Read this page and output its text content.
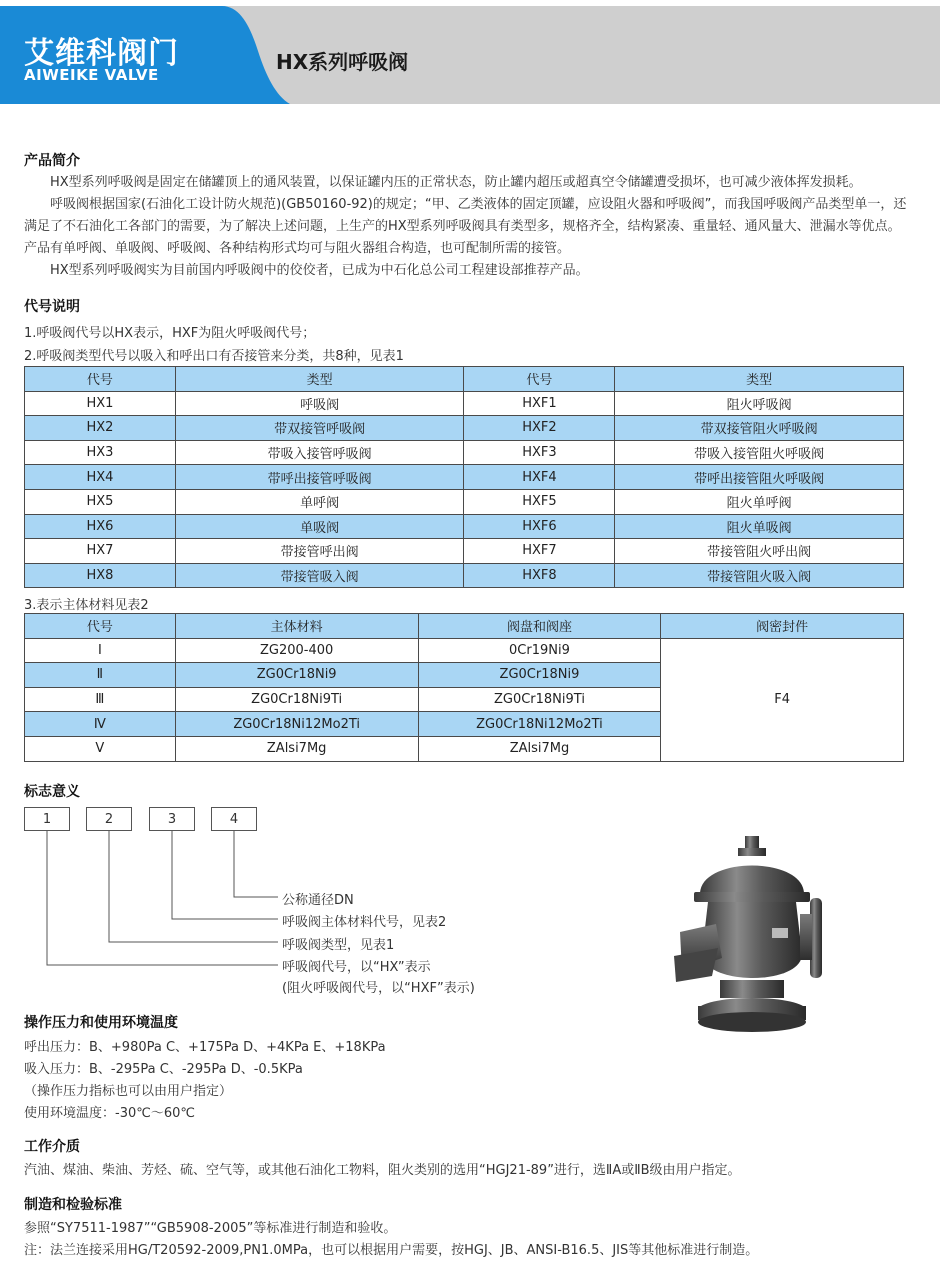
艾维科阀门
AIWEIKE VALVE
HX系列呼吸阀
产品简介
HX型系列呼吸阀是固定在储罐顶上的通风装置，以保证罐内压的正常状态，防止罐内超压或超真空令储罐遭受损坏，也可减少液体挥发损耗。
呼吸阀根据国家(石油化工设计防火规范)(GB50160-92)的规定；“甲、乙类液体的固定顶罐，应设阻火器和呼吸阀”，而我国呼吸阀产品类型单一，还满足了不石油化工各部门的需要，为了解决上述问题，上生产的HX型系列呼吸阀具有类型多，规格齐全，结构紧凑、重量轻、通风量大、泄漏水等优点。产品有单呼阀、单吸阀、呼吸阀、各种结构形式均可与阻火器组合构造，也可配制所需的接管。
HX型系列呼吸阀实为目前国内呼吸阀中的佼佼者，已成为中石化总公司工程建设部推荐产品。
代号说明
1.呼吸阀代号以HX表示，HXF为阻火呼吸阀代号；
2.呼吸阀类型代号以吸入和呼出口有否接管来分类，共8种，见表1
代号	类型	代号	类型
HX1	呼吸阀	HXF1	阻火呼吸阀
HX2	带双接管呼吸阀	HXF2	带双接管阻火呼吸阀
HX3	带吸入接管呼吸阀	HXF3	带吸入接管阻火呼吸阀
HX4	带呼出接管呼吸阀	HXF4	带呼出接管阻火呼吸阀
HX5	单呼阀	HXF5	阻火单呼阀
HX6	单吸阀	HXF6	阻火单吸阀
HX7	带接管呼出阀	HXF7	带接管阻火呼出阀
HX8	带接管吸入阀	HXF8	带接管阻火吸入阀
3.表示主体材料见表2
代号	主体材料	阀盘和阀座	阀密封件
Ⅰ	ZG200-400	0Cr19Ni9	F4
Ⅱ	ZG0Cr18Ni9	ZG0Cr18Ni9	
Ⅲ	ZG0Cr18Ni9Ti	ZG0Cr18Ni9Ti	
Ⅳ	ZG0Cr18Ni12Mo2Ti	ZG0Cr18Ni12Mo2Ti	
Ⅴ	ZAlsi7Mg	ZAlsi7Mg	
标志意义
1	2	3	4
公称通径DN
呼吸阀主体材料代号，见表2
呼吸阀类型，见表1
呼吸阀代号，以“HX”表示
(阻火呼吸阀代号，以“HXF”表示)
操作压力和使用环境温度
呼出压力：B、+980Pa C、+175Pa D、+4KPa E、+18KPa
吸入压力：B、-295Pa C、-295Pa D、-0.5KPa
（操作压力指标也可以由用户指定）
使用环境温度：-30℃～60℃
工作介质
汽油、煤油、柴油、芳烃、硫、空气等，或其他石油化工物料，阻火类别的选用“HGJ21-89”进行，选ⅡA或ⅡB级由用户指定。
制造和检验标准
参照“SY7511-1987”“GB5908-2005”等标准进行制造和验收。
注：法兰连接采用HG/T20592-2009,PN1.0MPa，也可以根据用户需要，按HGJ、JB、ANSI-B16.5、JIS等其他标准进行制造。
